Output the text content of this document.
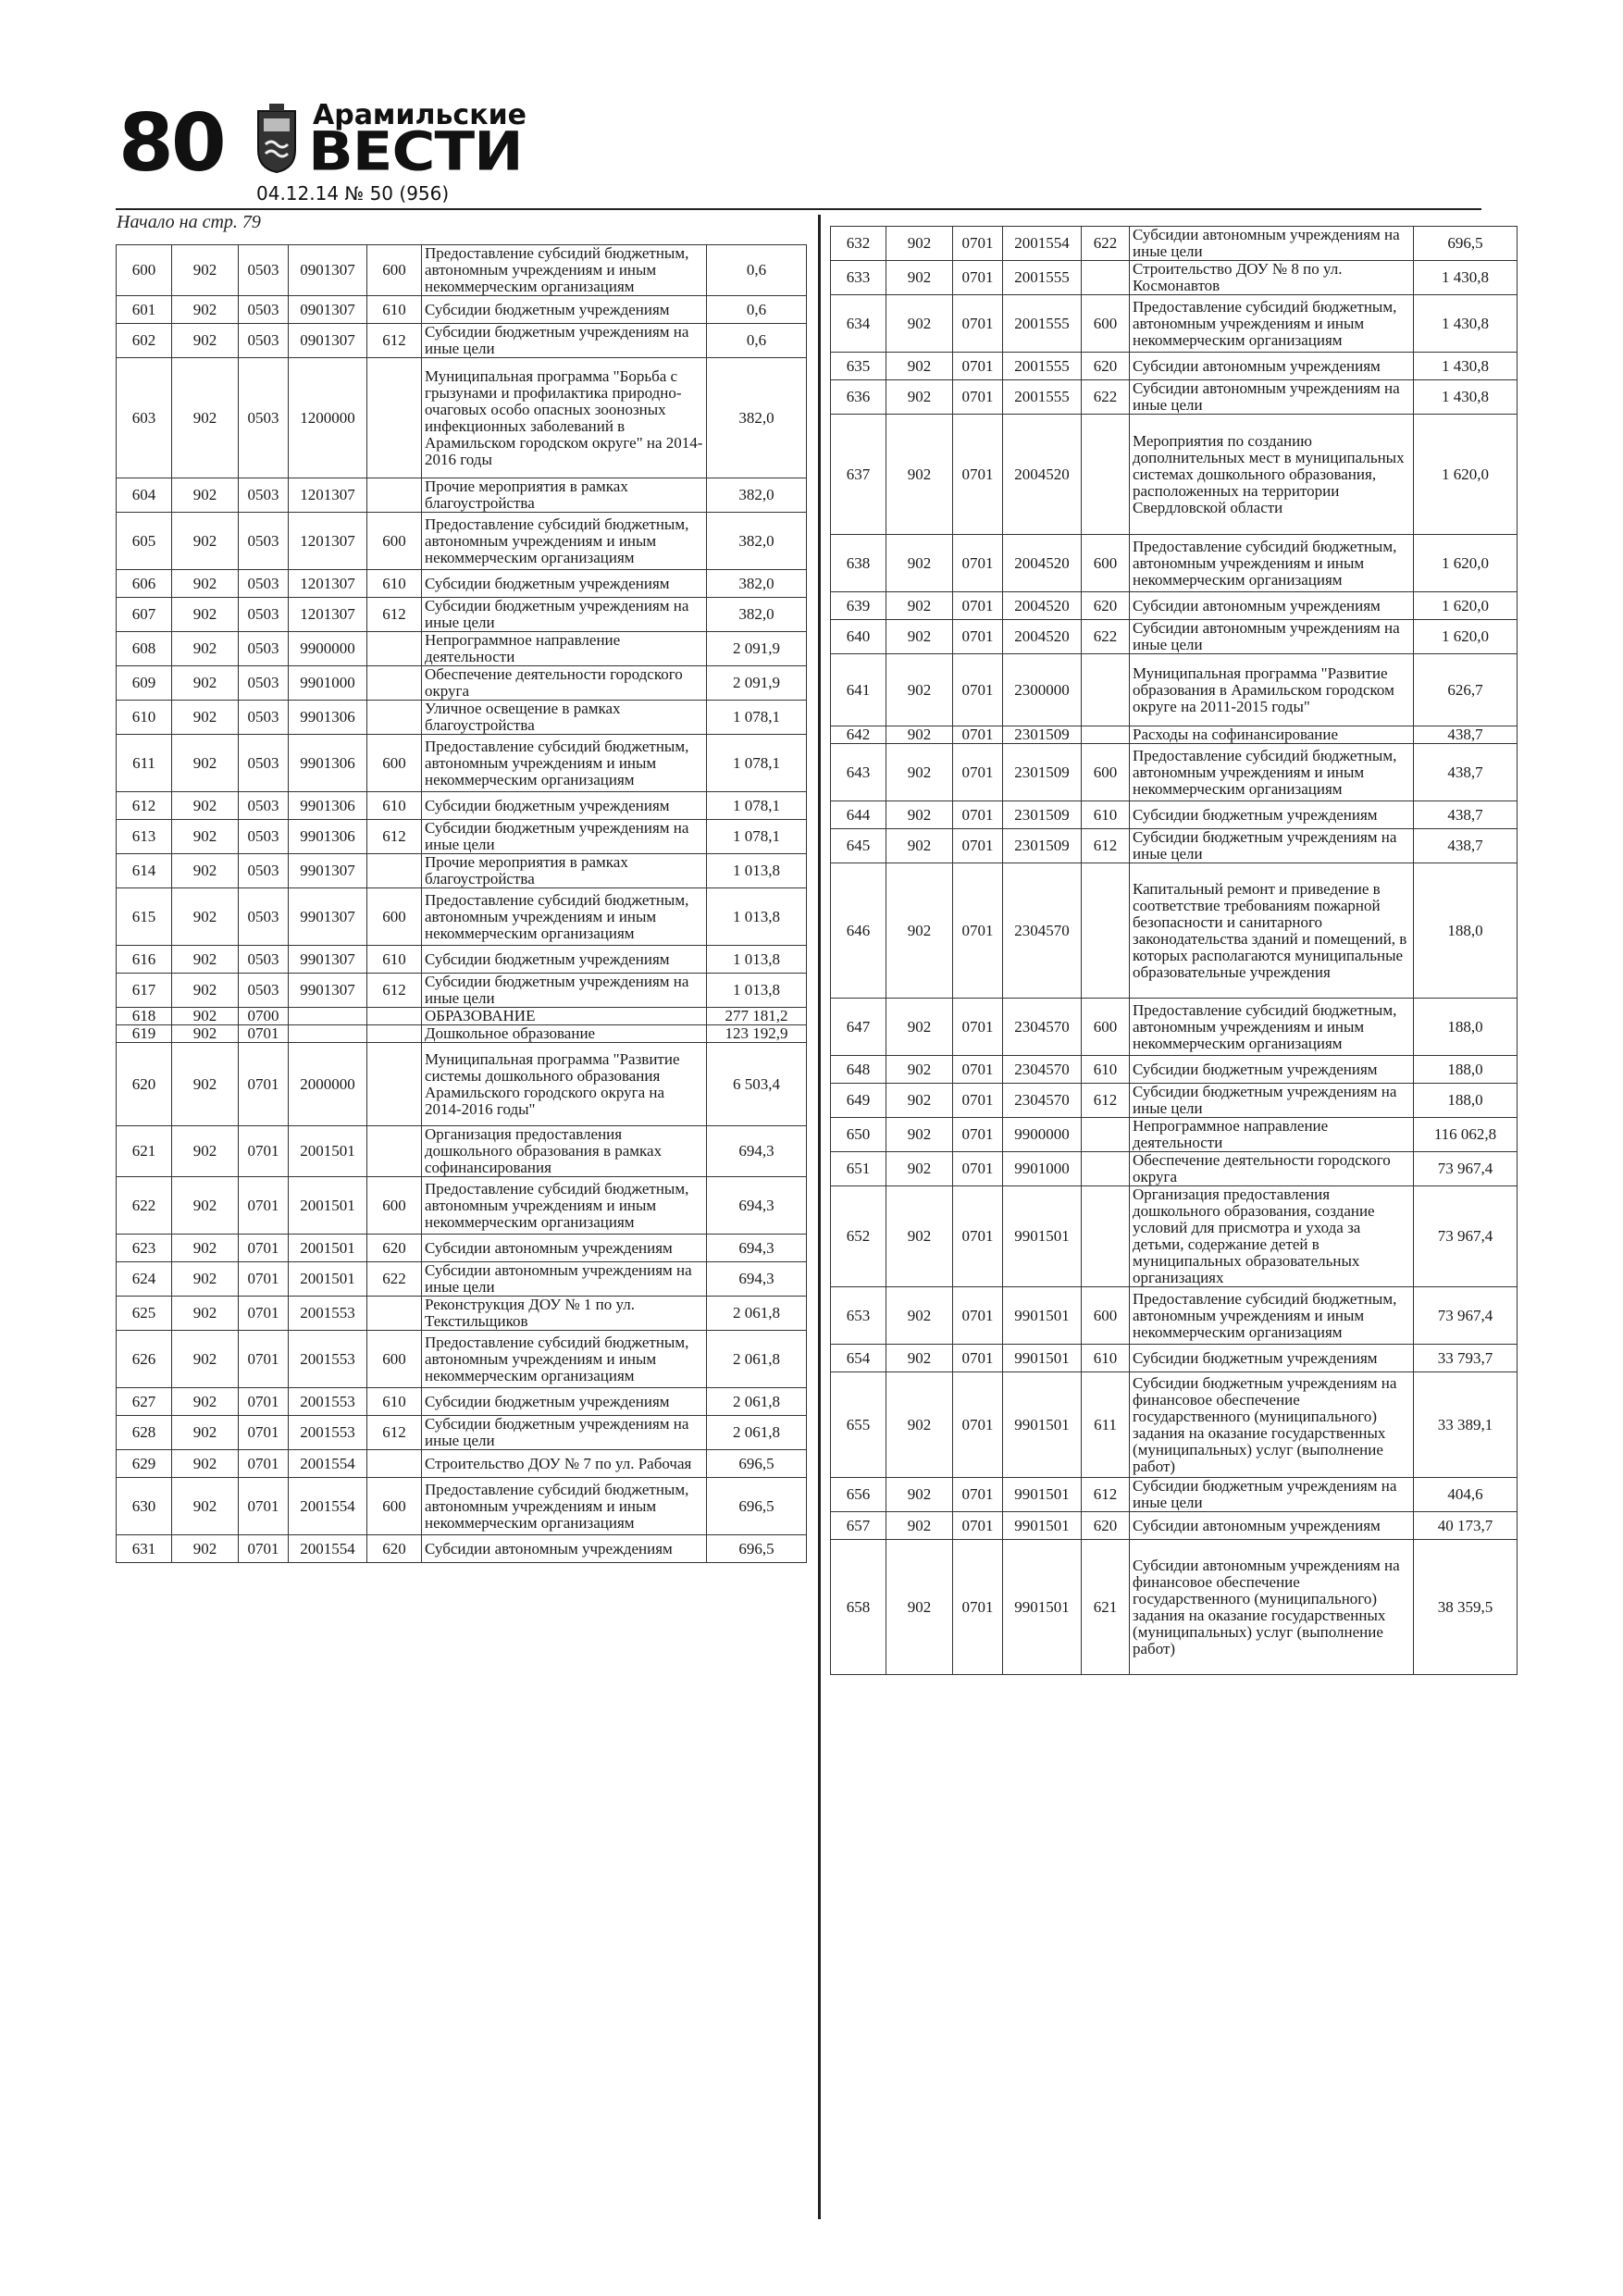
80	Арамильские
ВЕСТИ
04.12.14 № 50 (956)
Начало на стр. 79
600	902	0503	0901307	600	Предоставление субсидий бюджетным, автономным учреждениям и иным некоммерческим организациям	0,6
601	902	0503	0901307	610	Субсидии бюджетным учреждениям	0,6
602	902	0503	0901307	612	Субсидии бюджетным учреждениям на иные цели	0,6
603	902	0503	1200000		Муниципальная программа "Борьба с грызунами и профилактика природно-очаговых особо опасных зоонозных инфекционных заболеваний в Арамильском городском округе" на 2014-2016 годы	382,0
604	902	0503	1201307		Прочие мероприятия в рамках благоустройства	382,0
605	902	0503	1201307	600	Предоставление субсидий бюджетным, автономным учреждениям и иным некоммерческим организациям	382,0
606	902	0503	1201307	610	Субсидии бюджетным учреждениям	382,0
607	902	0503	1201307	612	Субсидии бюджетным учреждениям на иные цели	382,0
608	902	0503	9900000		Непрограммное направление деятельности	2 091,9
609	902	0503	9901000		Обеспечение деятельности городского округа	2 091,9
610	902	0503	9901306		Уличное освещение в рамках благоустройства	1 078,1
611	902	0503	9901306	600	Предоставление субсидий бюджетным, автономным учреждениям и иным некоммерческим организациям	1 078,1
612	902	0503	9901306	610	Субсидии бюджетным учреждениям	1 078,1
613	902	0503	9901306	612	Субсидии бюджетным учреждениям на иные цели	1 078,1
614	902	0503	9901307		Прочие мероприятия в рамках благоустройства	1 013,8
615	902	0503	9901307	600	Предоставление субсидий бюджетным, автономным учреждениям и иным некоммерческим организациям	1 013,8
616	902	0503	9901307	610	Субсидии бюджетным учреждениям	1 013,8
617	902	0503	9901307	612	Субсидии бюджетным учреждениям на иные цели	1 013,8
618	902	0700			ОБРАЗОВАНИЕ	277 181,2
619	902	0701			Дошкольное образование	123 192,9
620	902	0701	2000000		Муниципальная программа "Развитие системы дошкольного образования Арамильского городского округа на 2014-2016 годы"	6 503,4
621	902	0701	2001501		Организация предоставления дошкольного образования в рамках софинансирования	694,3
622	902	0701	2001501	600	Предоставление субсидий бюджетным, автономным учреждениям и иным некоммерческим организациям	694,3
623	902	0701	2001501	620	Субсидии автономным учреждениям	694,3
624	902	0701	2001501	622	Субсидии автономным учреждениям на иные цели	694,3
625	902	0701	2001553		Реконструкция ДОУ № 1 по ул. Текстильщиков	2 061,8
626	902	0701	2001553	600	Предоставление субсидий бюджетным, автономным учреждениям и иным некоммерческим организациям	2 061,8
627	902	0701	2001553	610	Субсидии бюджетным учреждениям	2 061,8
628	902	0701	2001553	612	Субсидии бюджетным учреждениям на иные цели	2 061,8
629	902	0701	2001554		Строительство ДОУ № 7 по ул. Рабочая	696,5
630	902	0701	2001554	600	Предоставление субсидий бюджетным, автономным учреждениям и иным некоммерческим организациям	696,5
631	902	0701	2001554	620	Субсидии автономным учреждениям	696,5
632	902	0701	2001554	622	Субсидии автономным учреждениям на иные цели	696,5
633	902	0701	2001555		Строительство ДОУ № 8 по ул. Космонавтов	1 430,8
634	902	0701	2001555	600	Предоставление субсидий бюджетным, автономным учреждениям и иным некоммерческим организациям	1 430,8
635	902	0701	2001555	620	Субсидии автономным учреждениям	1 430,8
636	902	0701	2001555	622	Субсидии автономным учреждениям на иные цели	1 430,8
637	902	0701	2004520		Мероприятия по созданию дополнительных мест в муниципальных системах дошкольного образования, расположенных на территории Свердловской области	1 620,0
638	902	0701	2004520	600	Предоставление субсидий бюджетным, автономным учреждениям и иным некоммерческим организациям	1 620,0
639	902	0701	2004520	620	Субсидии автономным учреждениям	1 620,0
640	902	0701	2004520	622	Субсидии автономным учреждениям на иные цели	1 620,0
641	902	0701	2300000		Муниципальная программа "Развитие образования в Арамильском городском округе на 2011-2015 годы"	626,7
642	902	0701	2301509		Расходы на софинансирование	438,7
643	902	0701	2301509	600	Предоставление субсидий бюджетным, автономным учреждениям и иным некоммерческим организациям	438,7
644	902	0701	2301509	610	Субсидии бюджетным учреждениям	438,7
645	902	0701	2301509	612	Субсидии бюджетным учреждениям на иные цели	438,7
646	902	0701	2304570		Капитальный ремонт и приведение в соответствие требованиям пожарной безопасности и санитарного законодательства зданий и помещений, в которых располагаются муниципальные образовательные учреждения	188,0
647	902	0701	2304570	600	Предоставление субсидий бюджетным, автономным учреждениям и иным некоммерческим организациям	188,0
648	902	0701	2304570	610	Субсидии бюджетным учреждениям	188,0
649	902	0701	2304570	612	Субсидии бюджетным учреждениям на иные цели	188,0
650	902	0701	9900000		Непрограммное направление деятельности	116 062,8
651	902	0701	9901000		Обеспечение деятельности городского округа	73 967,4
652	902	0701	9901501		Организация предоставления дошкольного образования, создание условий для присмотра и ухода за детьми, содержание детей в муниципальных образовательных организациях	73 967,4
653	902	0701	9901501	600	Предоставление субсидий бюджетным, автономным учреждениям и иным некоммерческим организациям	73 967,4
654	902	0701	9901501	610	Субсидии бюджетным учреждениям	33 793,7
655	902	0701	9901501	611	Субсидии бюджетным учреждениям на финансовое обеспечение государственного (муниципального) задания на оказание государственных (муниципальных) услуг (выполнение работ)	33 389,1
656	902	0701	9901501	612	Субсидии бюджетным учреждениям на иные цели	404,6
657	902	0701	9901501	620	Субсидии автономным учреждениям	40 173,7
658	902	0701	9901501	621	Субсидии автономным учреждениям на финансовое обеспечение государственного (муниципального) задания на оказание государственных (муниципальных) услуг (выполнение работ)	38 359,5
